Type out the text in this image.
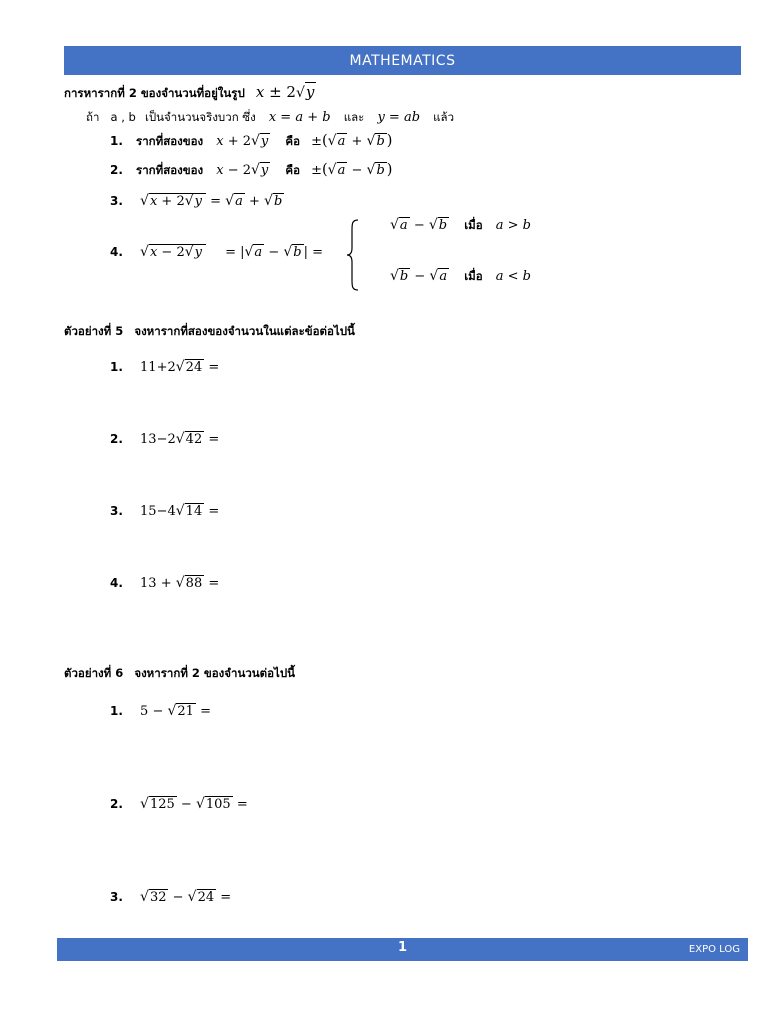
MATHEMATICS
การหารากที่ 2 ของจำนวนที่อยู่ในรูป x ± 2√y
ถ้า a , b เป็นจำนวนจริงบวก ซึ่ง x = a + b และ y = ab แล้ว
1. รากที่สองของ x + 2√y คือ ±(√a + √b )
2. รากที่สองของ x − 2√y คือ ±(√a − √b )
3. √x + 2√y = √a + √b
4. √x − 2√y = |√a − √b | =
√a − √b เมื่อ a > b
√b − √a เมื่อ a < b
ตัวอย่างที่ 5 จงหารากที่สองของจำนวนในแต่ละข้อต่อไปนี้
1. 11+2√24 =
2. 13−2√42 =
3. 15−4√14 =
4. 13 + √88 =
ตัวอย่างที่ 6 จงหารากที่ 2 ของจำนวนต่อไปนี้
1. 5 − √21 =
2. √125 − √105 =
3. √32 − √24 =
1	EXPO LOG
